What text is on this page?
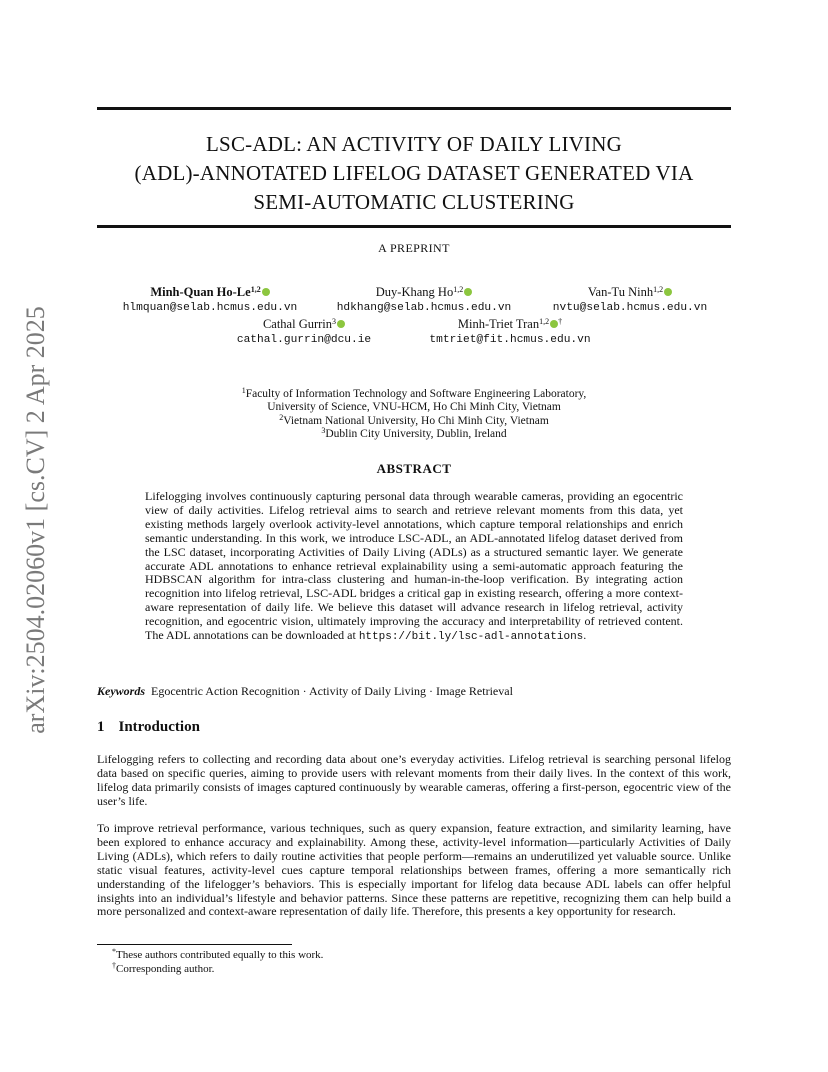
arXiv:2504.02060v1 [cs.CV] 2 Apr 2025
LSC-ADL: AN ACTIVITY OF DAILY LIVING
(ADL)-ANNOTATED LIFELOG DATASET GENERATED VIA
SEMI-AUTOMATIC CLUSTERING
A PREPRINT
Minh-Quan Ho-Le$^{1,2}$
hlmquan@selab.hcmus.edu.vn
Duy-Khang Ho$^{1,2}$
hdkhang@selab.hcmus.edu.vn
Van-Tu Ninh$^{1,2}$
nvtu@selab.hcmus.edu.vn
Cathal Gurrin$^3$
cathal.gurrin@dcu.ie
Minh-Triet Tran$^{1,2}$ †
tmtriet@fit.hcmus.edu.vn
$^1$Faculty of Information Technology and Software Engineering Laboratory,
University of Science, VNU-HCM, Ho Chi Minh City, Vietnam
$^2$Vietnam National University, Ho Chi Minh City, Vietnam
$^3$Dublin City University, Dublin, Ireland
ABSTRACT
Lifelogging involves continuously capturing personal data through wearable cameras, providing an egocentric view of daily activities. Lifelog retrieval aims to search and retrieve relevant moments from this data, yet existing methods largely overlook activity-level annotations, which capture temporal relationships and enrich semantic understanding. In this work, we introduce LSC-ADL, an ADL-annotated lifelog dataset derived from the LSC dataset, incorporating Activities of Daily Living (ADLs) as a structured semantic layer. We generate accurate ADL annotations to enhance retrieval explainability using a semi-automatic approach featuring the HDBSCAN algorithm for intra-class clustering and human-in-the-loop verification. By integrating action recognition into lifelog retrieval, LSC-ADL bridges a critical gap in existing research, offering a more context-aware representation of daily life. We believe this dataset will advance research in lifelog retrieval, activity recognition, and egocentric vision, ultimately improving the accuracy and interpretability of retrieved content. The ADL annotations can be downloaded at https://bit.ly/lsc-adl-annotations.
Keywords Egocentric Action Recognition · Activity of Daily Living · Image Retrieval
1 Introduction

Lifelogging refers to collecting and recording data about one’s everyday activities. Lifelog retrieval is searching personal lifelog data based on specific queries, aiming to provide users with relevant moments from their daily lives. In the context of this work, lifelog data primarily consists of images captured continuously by wearable cameras, offering a first-person, egocentric view of the user’s life.

To improve retrieval performance, various techniques, such as query expansion, feature extraction, and similarity learning, have been explored to enhance accuracy and explainability. Among these, activity-level information—particularly Activities of Daily Living (ADLs), which refers to daily routine activities that people perform—remains an underutilized yet valuable source. Unlike static visual features, activity-level cues capture temporal relationships between frames, offering a more semantically rich understanding of the lifelogger’s behaviors. This is especially important for lifelog data because ADL labels can offer helpful insights into an individual’s lifestyle and behavior patterns. Since these patterns are repetitive, recognizing them can help build a more personalized and context-aware representation of daily life. Therefore, this presents a key opportunity for research.

*These authors contributed equally to this work.
†Corresponding author.
